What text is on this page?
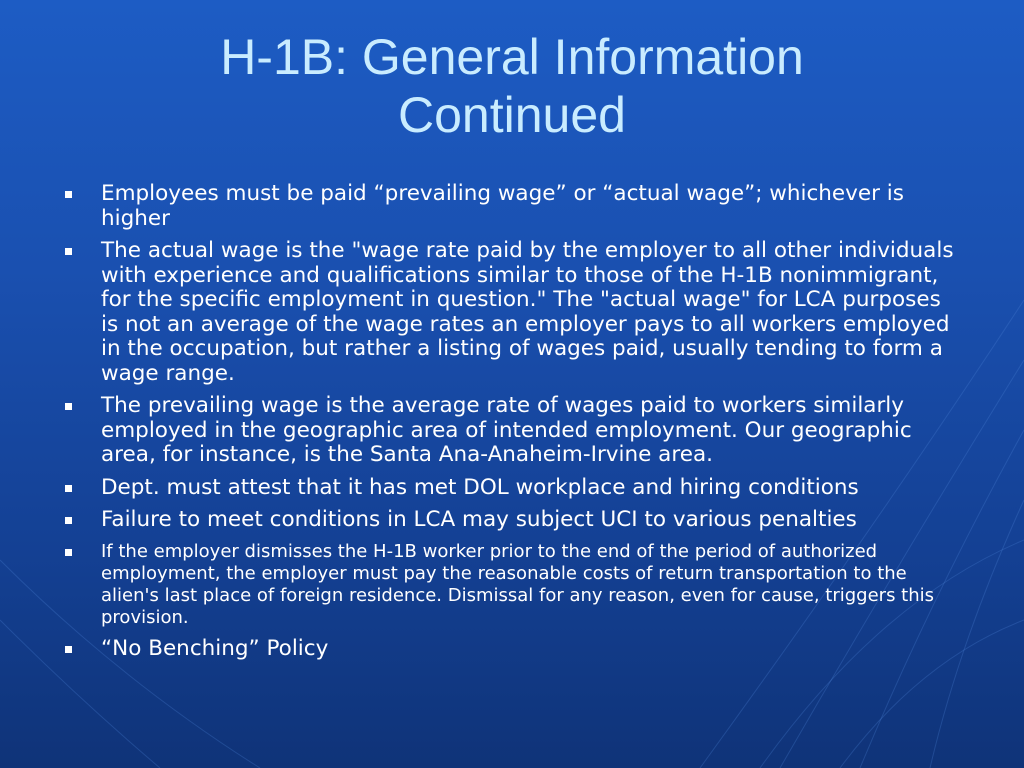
H-1B: General Information
Continued
Employees must be paid “prevailing wage” or “actual wage”; whichever is higher
The actual wage is the "wage rate paid by the employer to all other individuals with experience and qualifications similar to those of the H-1B nonimmigrant, for the specific employment in question." The "actual wage" for LCA purposes is not an average of the wage rates an employer pays to all workers employed in the occupation, but rather a listing of wages paid, usually tending to form a wage range.
The prevailing wage is the average rate of wages paid to workers similarly employed in the geographic area of intended employment. Our geographic area, for instance, is the Santa Ana-Anaheim-Irvine area.
Dept. must attest that it has met DOL workplace and hiring conditions
Failure to meet conditions in LCA may subject UCI to various penalties
If the employer dismisses the H-1B worker prior to the end of the period of authorized employment, the employer must pay the reasonable costs of return transportation to the alien's last place of foreign residence. Dismissal for any reason, even for cause, triggers this provision.
“No Benching” Policy
